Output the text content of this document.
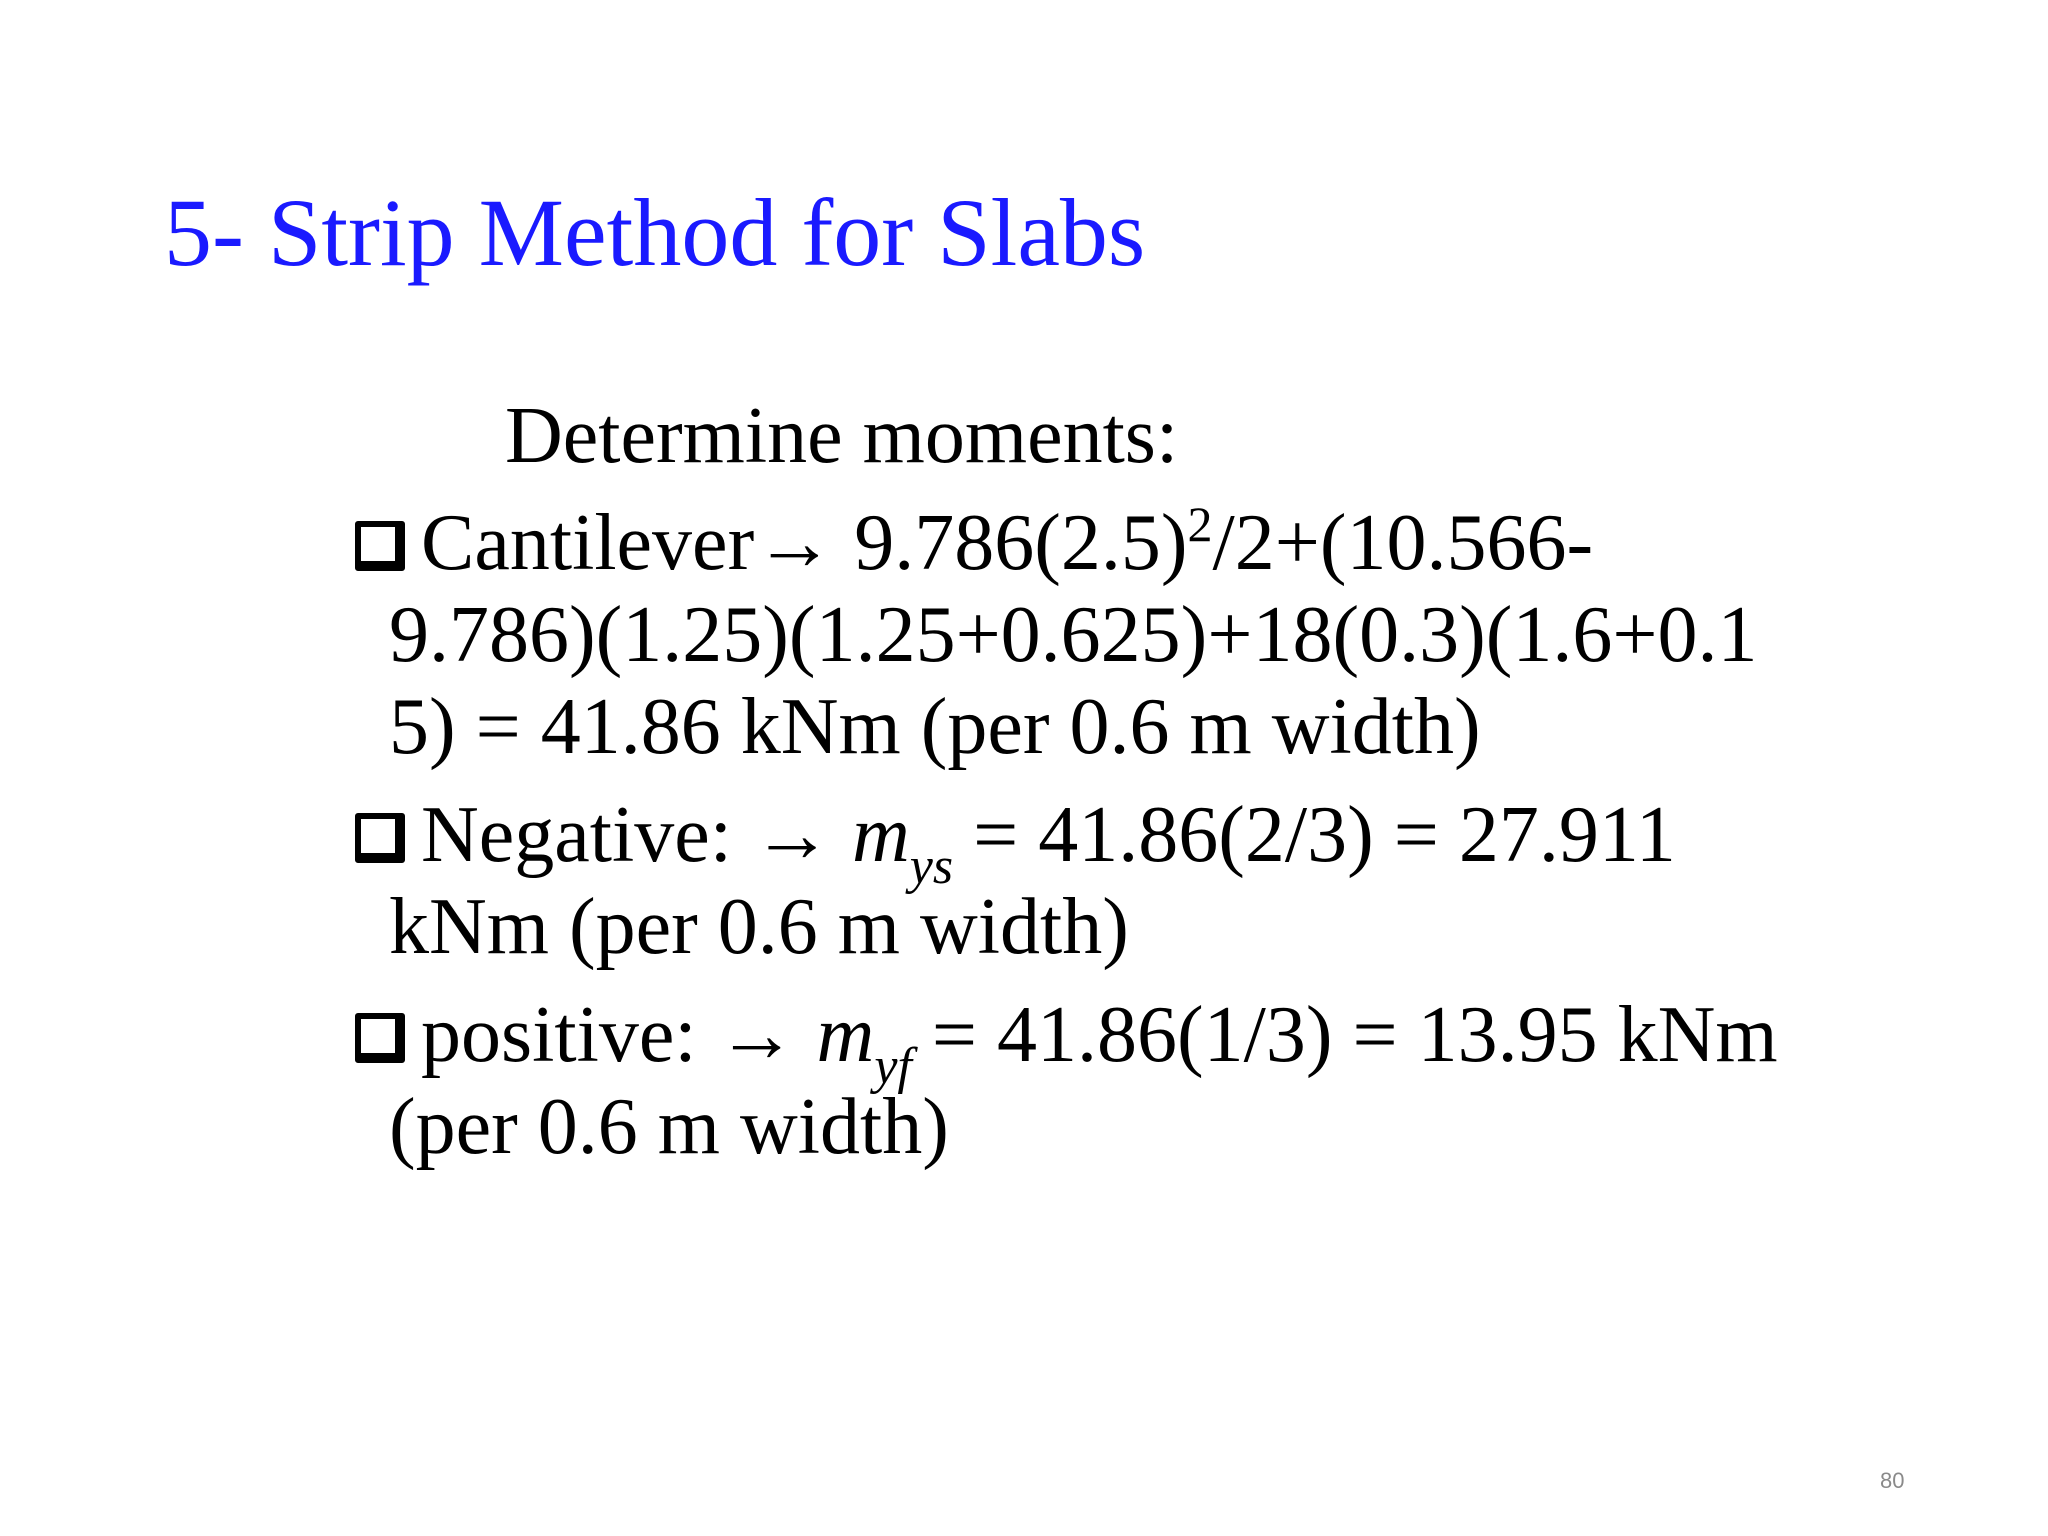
5- Strip Method for Slabs
Determine moments:
Cantilever→ $9.786(2.5)^2/2+(10.566-$
9.786)(1.25)(1.25+0.625)+18(0.3)(1.6+0.1
5) = 41.86 kNm (per 0.6 m width)
Negative: → $m_{ys} = 41.86(2/3) = 27.911$
kNm (per 0.6 m width)
positive: → $m_{yf} = 41.86(1/3) = 13.95$ kNm
(per 0.6 m width)
80
